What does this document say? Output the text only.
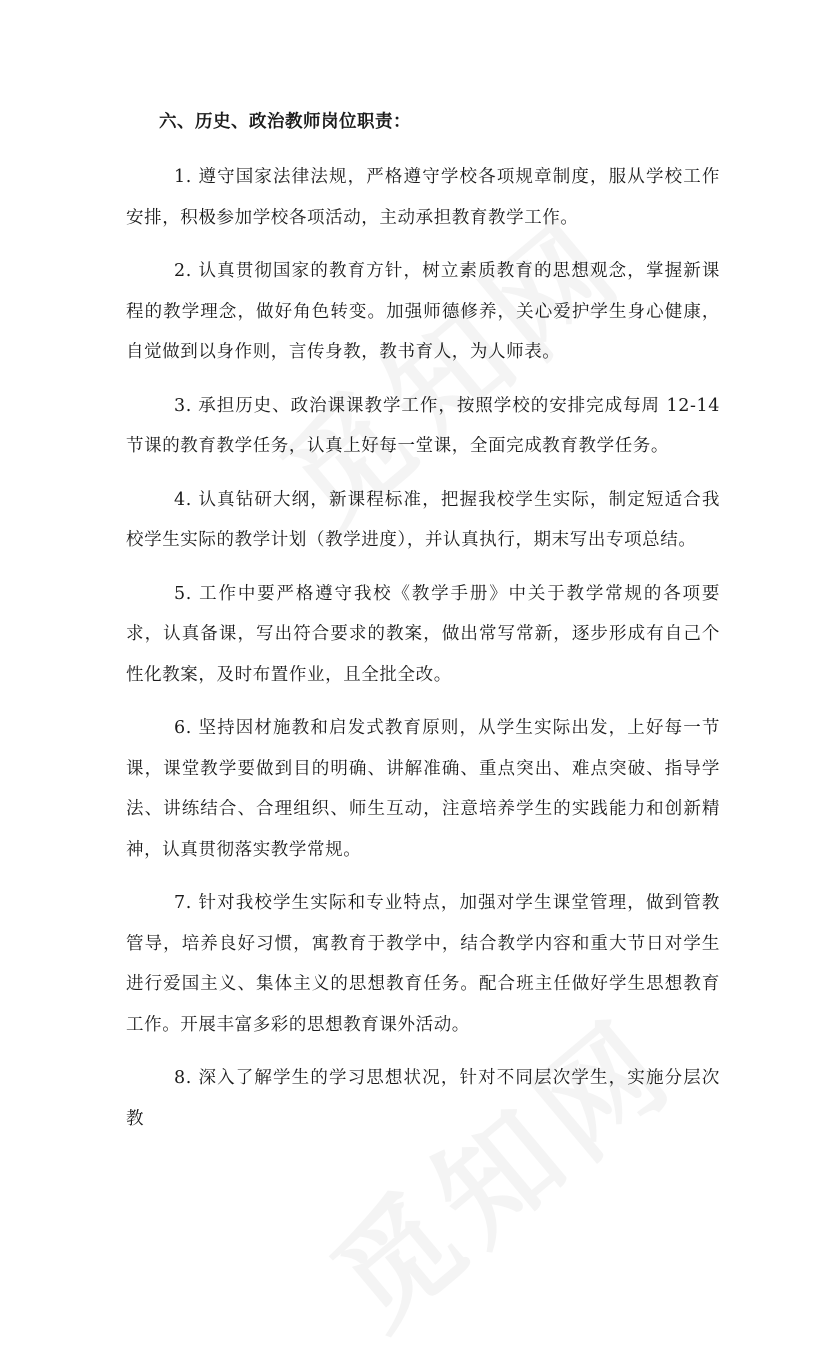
六、历史、政治教师岗位职责：

1. 遵守国家法律法规，严格遵守学校各项规章制度，服从学校工作安排，积极参加学校各项活动，主动承担教育教学工作。

2. 认真贯彻国家的教育方针，树立素质教育的思想观念，掌握新课程的教学理念，做好角色转变。加强师德修养，关心爱护学生身心健康，自觉做到以身作则，言传身教，教书育人，为人师表。

3. 承担历史、政治课课教学工作，按照学校的安排完成每周 12-14 节课的教育教学任务，认真上好每一堂课，全面完成教育教学任务。

4. 认真钻研大纲，新课程标准，把握我校学生实际，制定短适合我校学生实际的教学计划（教学进度），并认真执行，期末写出专项总结。

5. 工作中要严格遵守我校《教学手册》中关于教学常规的各项要求，认真备课，写出符合要求的教案，做出常写常新，逐步形成有自己个性化教案，及时布置作业，且全批全改。

6. 坚持因材施教和启发式教育原则，从学生实际出发，上好每一节课，课堂教学要做到目的明确、讲解准确、重点突出、难点突破、指导学法、讲练结合、合理组织、师生互动，注意培养学生的实践能力和创新精神，认真贯彻落实教学常规。

7. 针对我校学生实际和专业特点，加强对学生课堂管理，做到管教管导，培养良好习惯，寓教育于教学中，结合教学内容和重大节日对学生进行爱国主义、集体主义的思想教育任务。配合班主任做好学生思想教育工作。开展丰富多彩的思想教育课外活动。

8. 深入了解学生的学习思想状况，针对不同层次学生，实施分层次教
